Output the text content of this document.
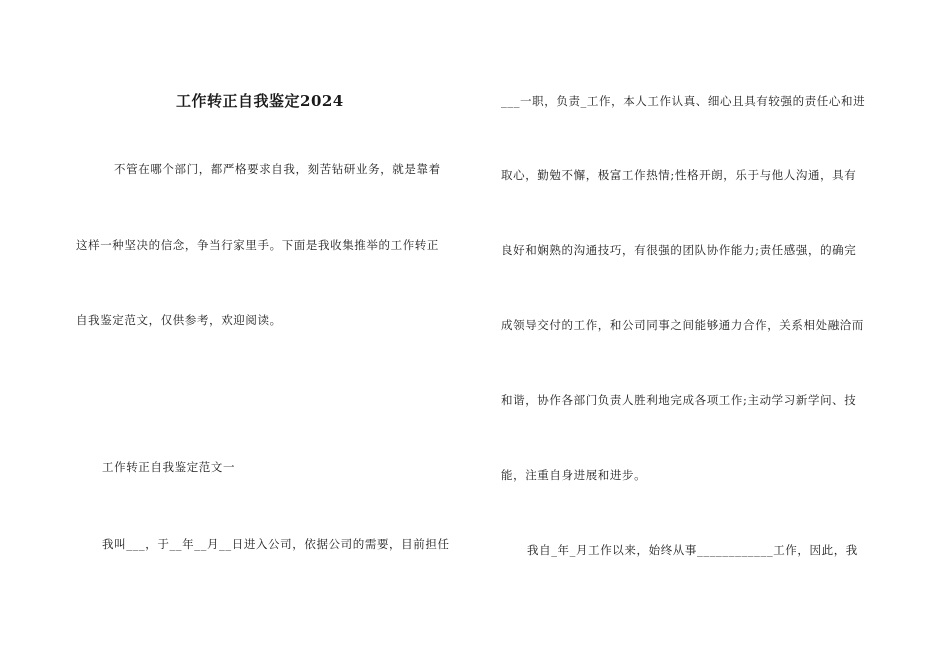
工作转正自我鉴定2024
不管在哪个部门，都严格要求自我，刻苦钻研业务，就是靠着
这样一种坚决的信念，争当行家里手。下面是我收集推举的工作转正
自我鉴定范文，仅供参考，欢迎阅读。
工作转正自我鉴定范文一
我叫___，于__年__月__日进入公司，依据公司的需要，目前担任
___一职，负责_工作，本人工作认真、细心且具有较强的责任心和进
取心，勤勉不懈，极富工作热情;性格开朗，乐于与他人沟通，具有
良好和娴熟的沟通技巧，有很强的团队协作能力;责任感强，的确完
成领导交付的工作，和公司同事之间能够通力合作，关系相处融洽而
和谐，协作各部门负责人胜利地完成各项工作;主动学习新学问、技
能，注重自身进展和进步。
我自_年_月工作以来，始终从事____________工作，因此，我
